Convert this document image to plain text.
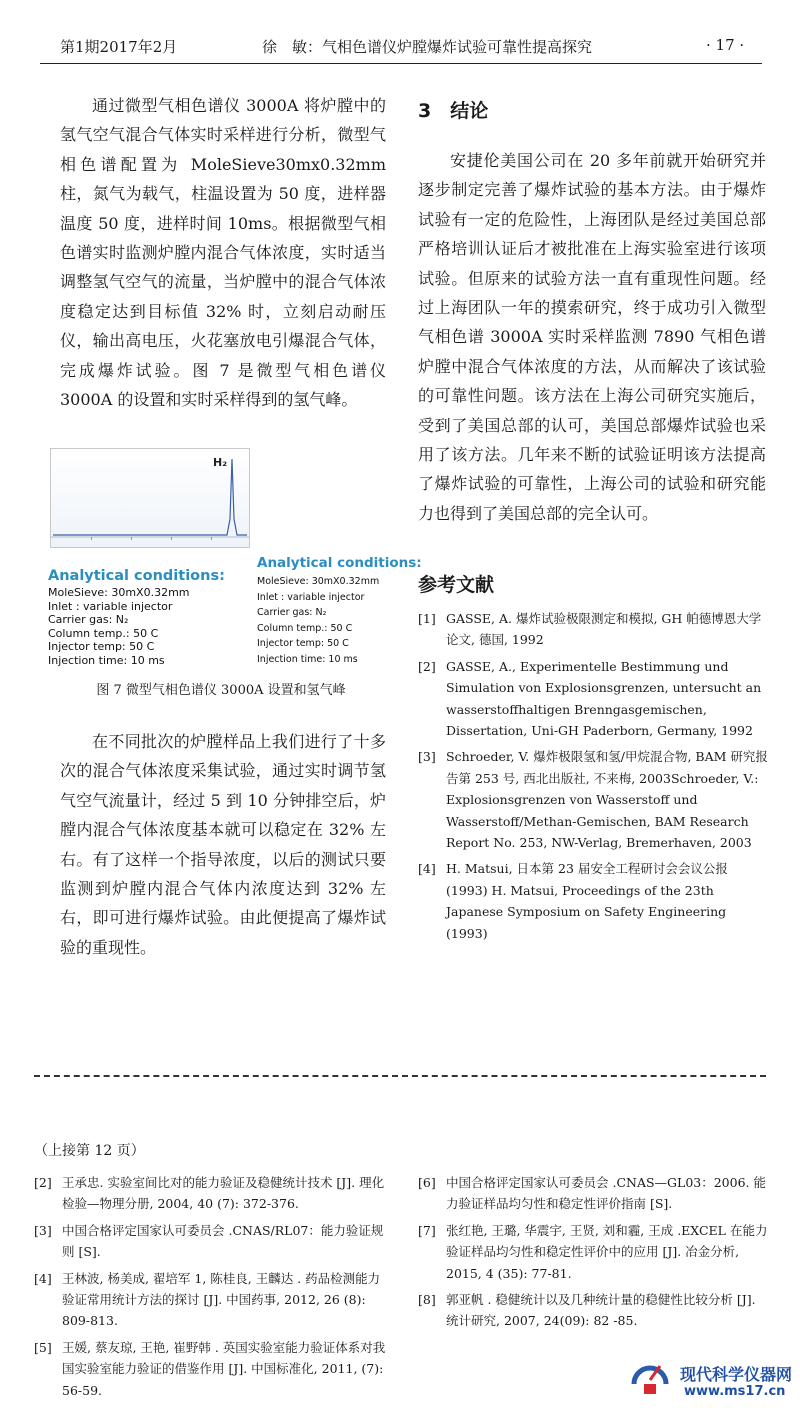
第1期2017年2月	徐　敏：气相色谱仪炉膛爆炸试验可靠性提高探究	· 17 ·

通过微型气相色谱仪 3000A 将炉膛中的氢气空气混合气体实时采样进行分析，微型气相色谱配置为 MoleSieve30mx0.32mm 柱，氮气为载气，柱温设置为 50 度，进样器温度 50 度，进样时间 10ms。根据微型气相色谱实时监测炉膛内混合气体浓度，实时适当调整氢气空气的流量，当炉膛中的混合气体浓度稳定达到目标值 32% 时，立刻启动耐压仪，输出高电压，火花塞放电引爆混合气体，完成爆炸试验。图 7 是微型气相色谱仪 3000A 的设置和实时采样得到的氢气峰。

H₂
Analytical conditions:
MoleSieve: 30mX0.32mm
Inlet : variable injector
Carrier gas: N₂
Column temp.: 50 C
Injector temp: 50 C
Injection time: 10 ms
Analytical conditions:
MoleSieve: 30mX0.32mm
Inlet : variable injector
Carrier gas: N₂
Column temp.: 50 C
Injector temp: 50 C
Injection time: 10 ms
图 7 微型气相色谱仪 3000A 设置和氢气峰

在不同批次的炉膛样品上我们进行了十多次的混合气体浓度采集试验，通过实时调节氢气空气流量计，经过 5 到 10 分钟排空后，炉膛内混合气体浓度基本就可以稳定在 32% 左右。有了这样一个指导浓度，以后的测试只要监测到炉膛内混合气体内浓度达到 32% 左右，即可进行爆炸试验。由此便提高了爆炸试验的重现性。

3　结论

安捷伦美国公司在 20 多年前就开始研究并逐步制定完善了爆炸试验的基本方法。由于爆炸试验有一定的危险性，上海团队是经过美国总部严格培训认证后才被批准在上海实验室进行该项试验。但原来的试验方法一直有重现性问题。经过上海团队一年的摸索研究，终于成功引入微型气相色谱 3000A 实时采样监测 7890 气相色谱炉膛中混合气体浓度的方法，从而解决了该试验的可靠性问题。该方法在上海公司研究实施后，受到了美国总部的认可，美国总部爆炸试验也采用了该方法。几年来不断的试验证明该方法提高了爆炸试验的可靠性，上海公司的试验和研究能力也得到了美国总部的完全认可。

参考文献
[1] GASSE, A. 爆炸试验极限测定和模拟, GH 帕德博恩大学论文, 德国, 1992
[2] GASSE, A., Experimentelle Bestimmung und Simulation von Explosionsgrenzen, untersucht an wasserstoffhaltigen Brenngasgemischen, Dissertation, Uni-GH Paderborn, Germany, 1992
[3] Schroeder, V. 爆炸极限氢和氢/甲烷混合物, BAM 研究报告第 253 号, 西北出版社, 不来梅, 2003Schroeder, V.: Explosionsgrenzen von Wasserstoff und Wasserstoff/Methan-Gemischen, BAM Research Report No. 253, NW-Verlag, Bremerhaven, 2003
[4] H. Matsui, 日本第 23 届安全工程研讨会会议公报 (1993) H. Matsui, Proceedings of the 23th Japanese Symposium on Safety Engineering (1993)
（上接第 12 页）
[2] 王承忠. 实验室间比对的能力验证及稳健统计技术 [J]. 理化检验—物理分册, 2004, 40 (7): 372-376.
[3] 中国合格评定国家认可委员会 .CNAS/RL07：能力验证规则 [S].
[4] 王林波, 杨美成, 翟培军 1, 陈桂良, 王麟达 . 药品检测能力验证常用统计方法的探讨 [J]. 中国药事, 2012, 26 (8): 809-813.
[5] 王媛, 蔡友琼, 王艳, 崔野韩 . 英国实验室能力验证体系对我国实验室能力验证的借鉴作用 [J]. 中国标准化, 2011, (7): 56-59.
[6] 中国合格评定国家认可委员会 .CNAS—GL03：2006. 能力验证样品均匀性和稳定性评价指南 [S].
[7] 张红艳, 王璐, 华震宇, 王贤, 刘和霾, 王成 .EXCEL 在能力验证样品均匀性和稳定性评价中的应用 [J]. 冶金分析, 2015, 4 (35): 77-81.
[8] 郭亚帆 . 稳健统计以及几种统计量的稳健性比较分析 [J]. 统计研究, 2007, 24(09): 82 -85.
现代科学仪器网
www.ms17.cn
